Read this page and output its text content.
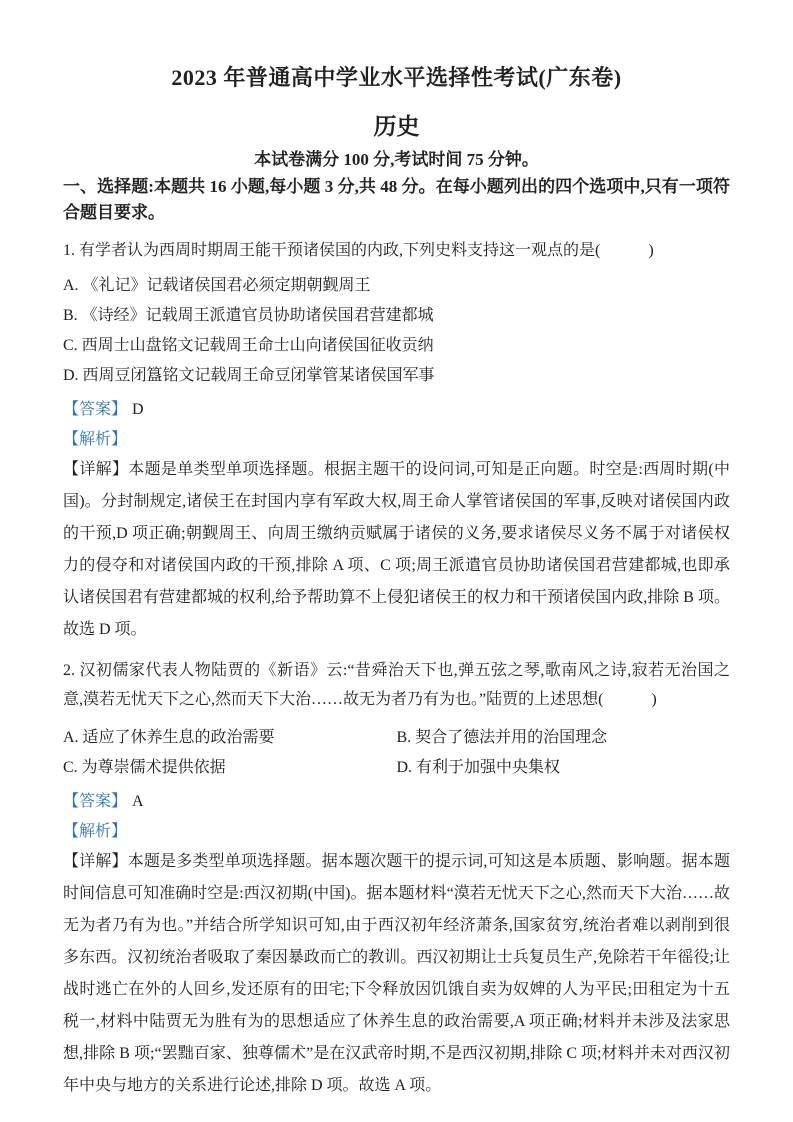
2023 年普通高中学业水平选择性考试(广东卷)
历史

本试卷满分 100 分,考试时间 75 分钟。

一、选择题:本题共 16 小题,每小题 3 分,共 48 分。在每小题列出的四个选项中,只有一项符合题目要求。

1. 有学者认为西周时期周王能干预诸侯国的内政,下列史料支持这一观点的是(　　　)

A. 《礼记》记载诸侯国君必须定期朝觐周王

B. 《诗经》记载周王派遣官员协助诸侯国君营建都城

C. 西周士山盘铭文记载周王命士山向诸侯国征收贡纳

D. 西周豆闭簋铭文记载周王命豆闭掌管某诸侯国军事

【答案】 D

【解析】

【详解】本题是单类型单项选择题。根据主题干的设问词,可知是正向题。时空是:西周时期(中国)。分封制规定,诸侯王在封国内享有军政大权,周王命人掌管诸侯国的军事,反映对诸侯国内政的干预,D 项正确;朝觐周王、向周王缴纳贡赋属于诸侯的义务,要求诸侯尽义务不属于对诸侯权力的侵夺和对诸侯国内政的干预,排除 A 项、C 项;周王派遣官员协助诸侯国君营建都城,也即承认诸侯国君有营建都城的权利,给予帮助算不上侵犯诸侯王的权力和干预诸侯国内政,排除 B 项。故选 D 项。

2. 汉初儒家代表人物陆贾的《新语》云:“昔舜治天下也,弹五弦之琴,歌南风之诗,寂若无治国之意,漠若无忧天下之心,然而天下大治……故无为者乃有为也。”陆贾的上述思想(　　　)

A. 适应了休养生息的政治需要	B. 契合了德法并用的治国理念

C. 为尊崇儒术提供依据	D. 有利于加强中央集权

【答案】 A

【解析】

【详解】本题是多类型单项选择题。据本题次题干的提示词,可知这是本质题、影响题。据本题时间信息可知准确时空是:西汉初期(中国)。据本题材料“漠若无忧天下之心,然而天下大治……故无为者乃有为也。”并结合所学知识可知,由于西汉初年经济萧条,国家贫穷,统治者难以剥削到很多东西。汉初统治者吸取了秦因暴政而亡的教训。西汉初期让士兵复员生产,免除若干年徭役;让战时逃亡在外的人回乡,发还原有的田宅;下令释放因饥饿自卖为奴婢的人为平民;田租定为十五税一,材料中陆贾无为胜有为的思想适应了休养生息的政治需要,A 项正确;材料并未涉及法家思想,排除 B 项;“罢黜百家、独尊儒术”是在汉武帝时期,不是西汉初期,排除 C 项;材料并未对西汉初年中央与地方的关系进行论述,排除 D 项。故选 A 项。
